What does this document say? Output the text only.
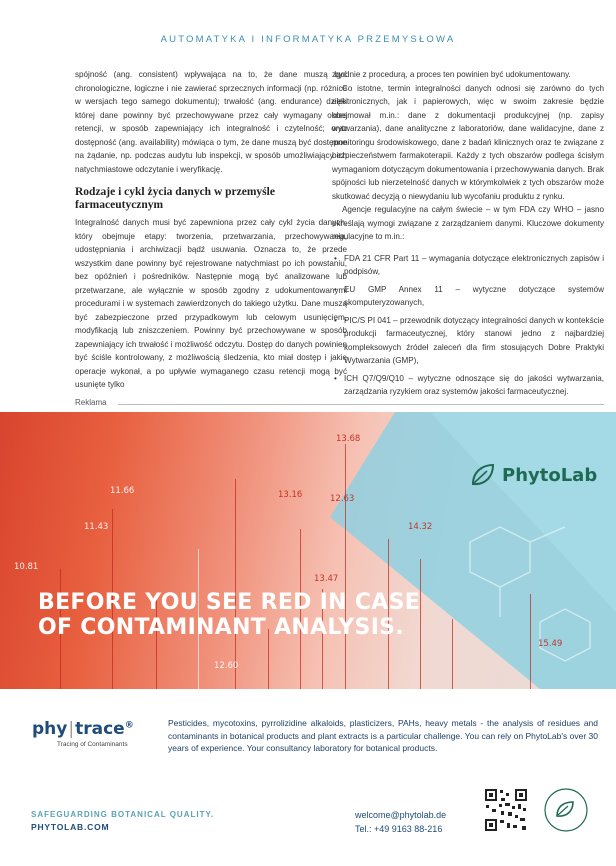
AUTOMATYKA I INFORMATYKA PRZEMYSŁOWA

spójność (ang. consistent) wpływająca na to, że dane muszą być chronologiczne, logiczne i nie zawierać sprzecznych informacji (np. różnice w wersjach tego samego dokumentu); trwałość (ang. endurance) dzięki której dane powinny być przechowywane przez cały wymagany okres retencji, w sposób zapewniający ich integralność i czytelność; oraz dostępność (ang. availability) mówiąca o tym, że dane muszą być dostępne na żądanie, np. podczas audytu lub inspekcji, w sposób umożliwiający ich natychmiastowe odczytanie i weryfikację.

Rodzaje i cykl życia danych w przemyśle farmaceutycznym

Integralność danych musi być zapewniona przez cały cykl życia danych, który obejmuje etapy: tworzenia, przetwarzania, przechowywania, udostępniania i archiwizacji bądź usuwania. Oznacza to, że przede wszystkim dane powinny być rejestrowane natychmiast po ich powstaniu, bez opóźnień i pośredników. Następnie mogą być analizowane lub przetwarzane, ale wyłącznie w sposób zgodny z udokumentowanymi procedurami i w systemach zawierdzonych do takiego użytku. Dane muszą być zabezpieczone przed przypadkowym lub celowym usunięciem, modyfikacją lub zniszczeniem. Powinny być przechowywane w sposób zapewniający ich trwałość i możliwość odczytu. Dostęp do danych powinien być ściśle kontrolowany, z możliwością śledzenia, kto miał dostęp i jakie operacje wykonał, a po upływie wymaganego czasu retencji mogą być usunięte tylko

zgodnie z procedurą, a proces ten powinien być udokumentowany.

Co istotne, termin integralności danych odnosi się zarówno do tych elektronicznych, jak i papierowych, więc w swoim zakresie będzie obejmował m.in.: dane z dokumentacji produkcyjnej (np. zapisy wytwarzania), dane analityczne z laboratoriów, dane walidacyjne, dane z monitoringu środowiskowego, dane z badań klinicznych oraz te związane z bezpieczeństwem farmakoterapii. Każdy z tych obszarów podlega ścisłym wymaganiom dotyczącym dokumentowania i przechowywania danych. Brak spójności lub nierzetelność danych w którymkolwiek z tych obszarów może skutkować decyzją o niewydaniu lub wycofaniu produktu z rynku.

Agencje regulacyjne na całym świecie – w tym FDA czy WHO – jasno określają wymogi związane z zarządzaniem danymi. Kluczowe dokumenty regulacyjne to m.in.:

• FDA 21 CFR Part 11 – wymagania dotyczące elektronicznych zapisów i podpisów,
• EU GMP Annex 11 – wytyczne dotyczące systemów skomputeryzowanych,
• PIC/S PI 041 – przewodnik dotyczący integralności danych w kontekście produkcji farmaceutycznej, który stanowi jedno z najbardziej kompleksowych źródeł zaleceń dla firm stosujących Dobre Praktyki Wytwarzania (GMP),
• ICH Q7/Q9/Q10 – wytyczne odnoszące się do jakości wytwarzania, zarządzania ryzykiem oraz systemów jakości farmaceutycznej.
Reklama
13.68
11.66	13.16	12.63
11.43	14.32
10.81
13.47
15.49
12.60
PhytoLab
BEFORE YOU SEE RED IN CASE
OF CONTAMINANT ANALYSIS.
phy|trace®
Tracing of Contaminants
Pesticides, mycotoxins, pyrrolizidine alkaloids, plasticizers, PAHs, heavy metals - the analysis of residues and contaminants in botanical products and plant extracts is a particular challenge. You can rely on PhytoLab's over 30 years of experience. Your consultancy laboratory for botanical products.
SAFEGUARDING BOTANICAL QUALITY.
PHYTOLAB.COM
welcome@phytolab.de
Tel.: +49 9163 88-216
